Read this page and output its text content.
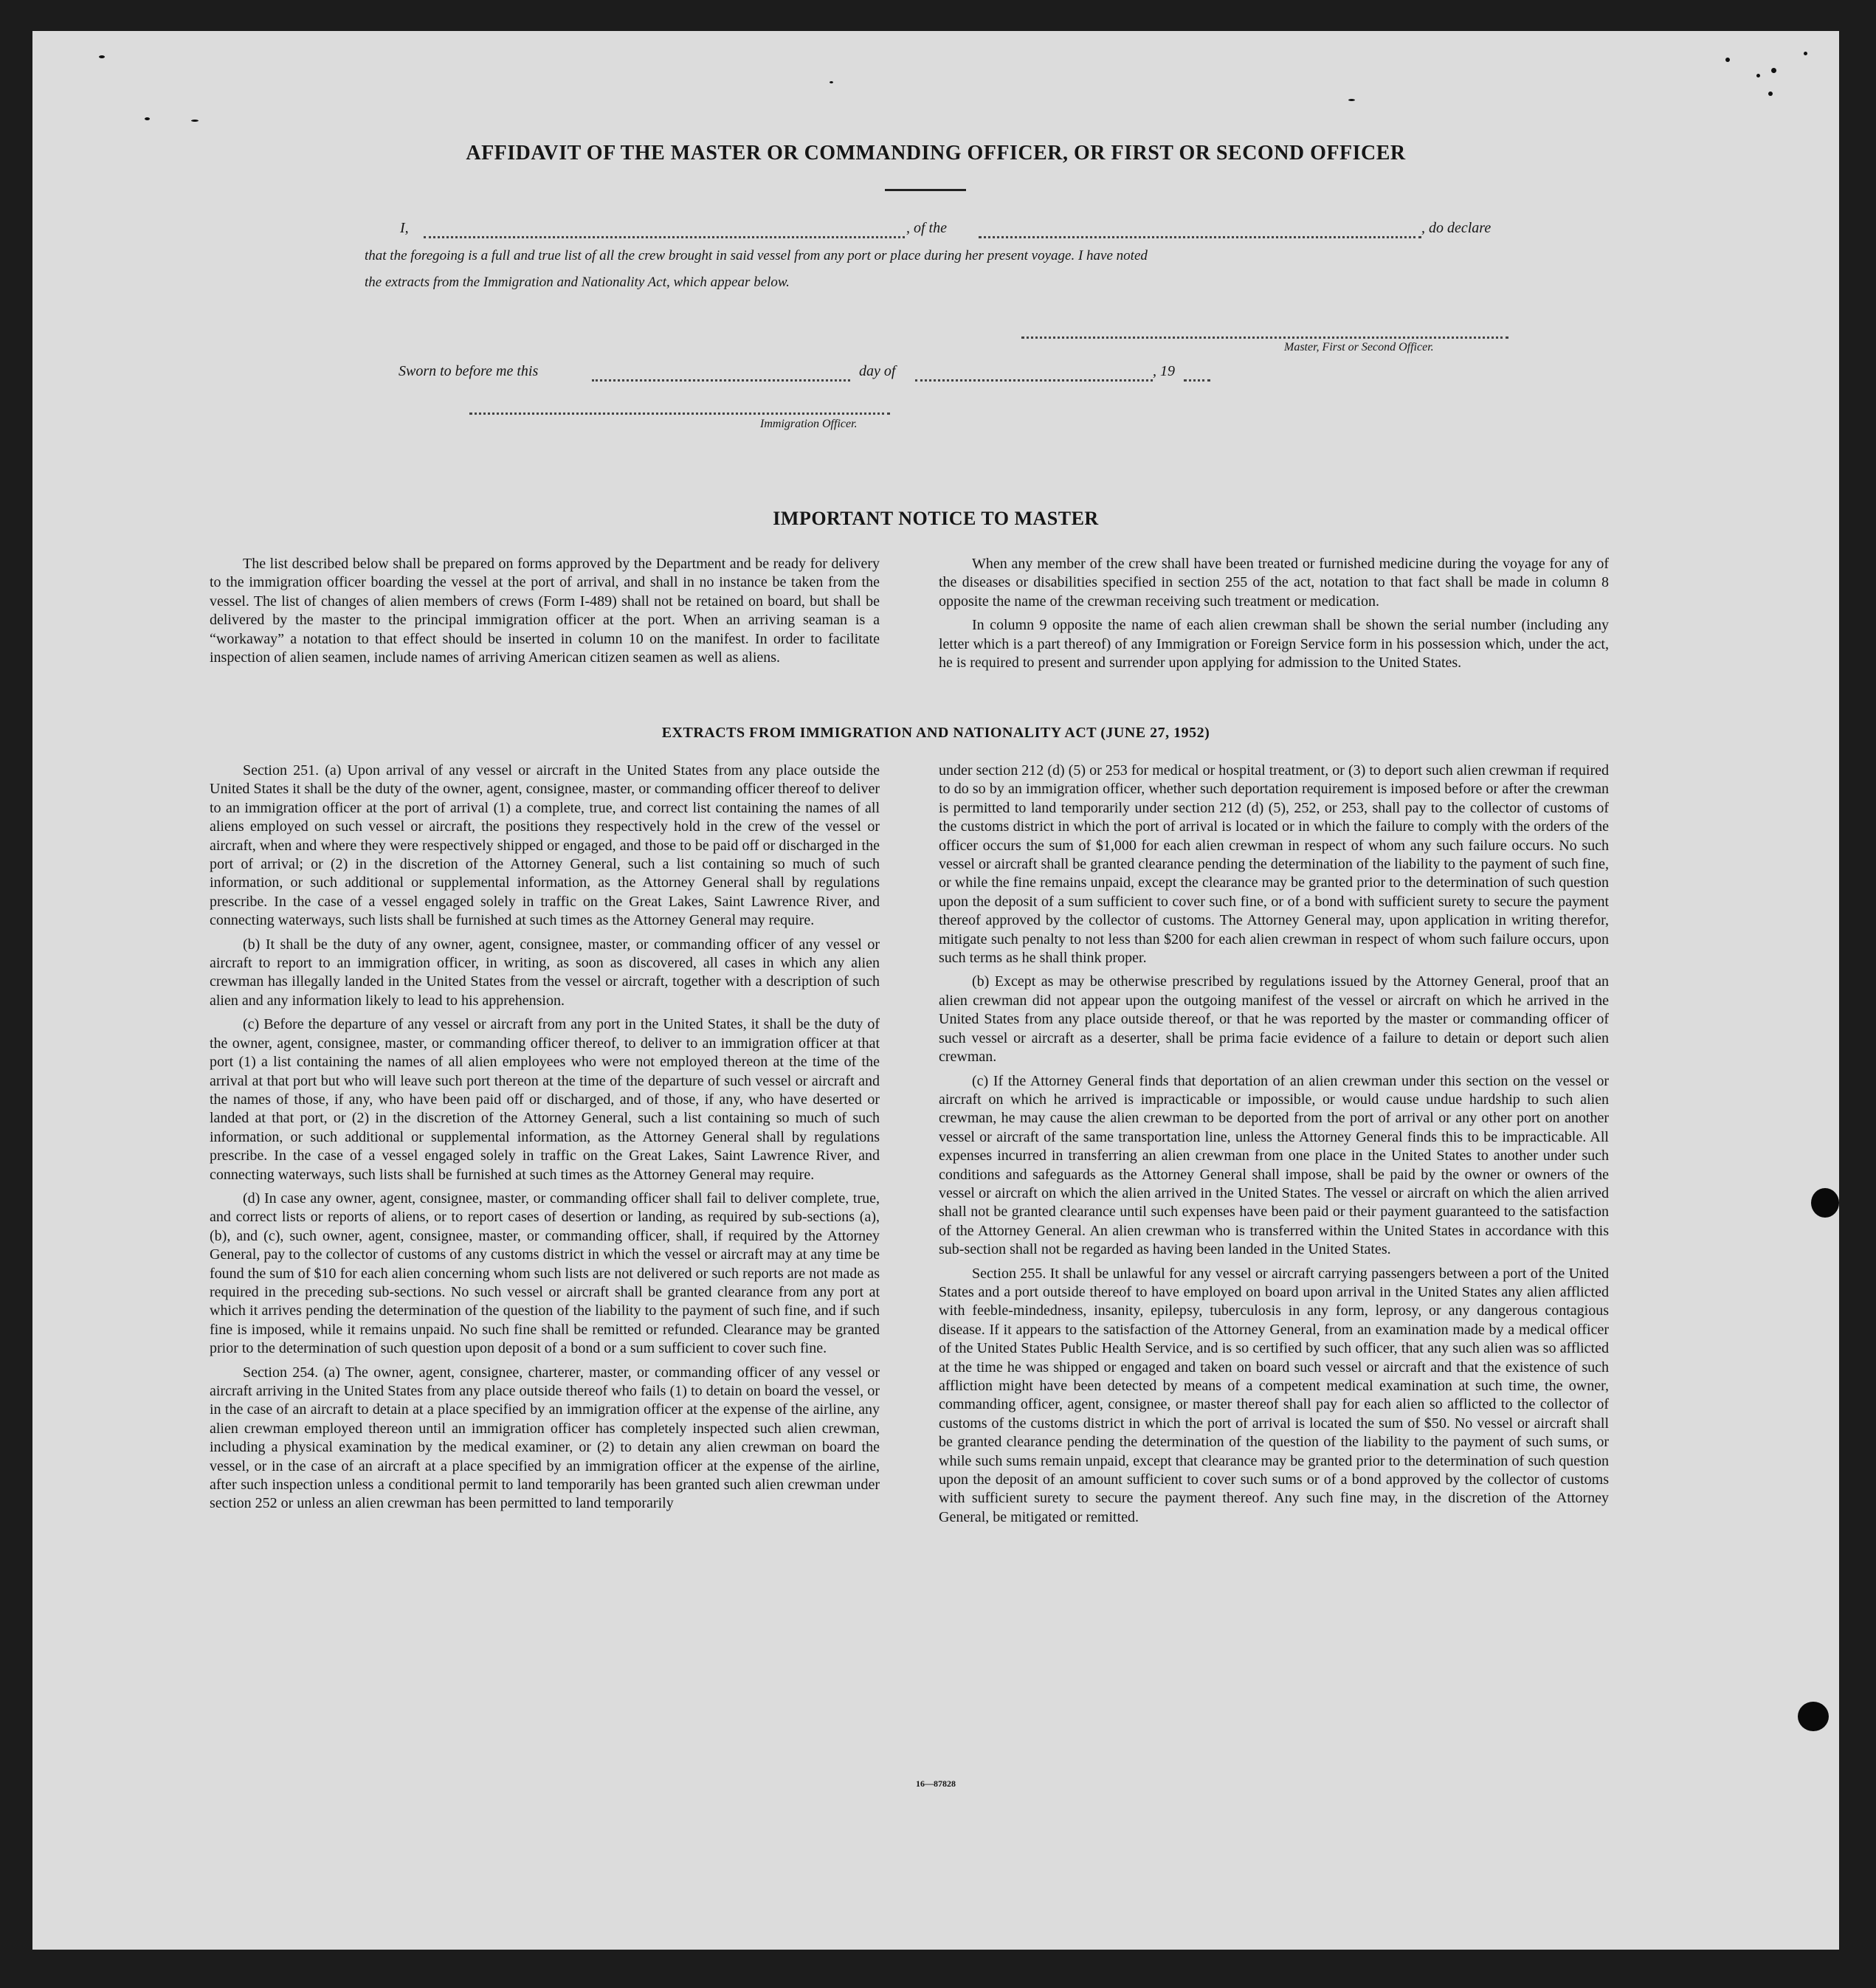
AFFIDAVIT OF THE MASTER OR COMMANDING OFFICER, OR FIRST OR SECOND OFFICER
I,	, of the	, do declare
that the foregoing is a full and true list of all the crew brought in said vessel from any port or place during her present voyage. I have noted
the extracts from the Immigration and Nationality Act, which appear below.
Master, First or Second Officer.
Sworn to before me this	day of	, 19
Immigration Officer.
IMPORTANT NOTICE TO MASTER

The list described below shall be prepared on forms approved by the Department and be ready for delivery to the immigration officer boarding the vessel at the port of arrival, and shall in no instance be taken from the vessel. The list of changes of alien members of crews (Form I-489) shall not be retained on board, but shall be delivered by the master to the principal immigration officer at the port. When an arriving seaman is a “workaway” a notation to that effect should be inserted in column 10 on the manifest. In order to facilitate inspection of alien seamen, include names of arriving American citizen seamen as well as aliens.

When any member of the crew shall have been treated or furnished medicine during the voyage for any of the diseases or disabilities specified in section 255 of the act, notation to that fact shall be made in column 8 opposite the name of the crewman receiving such treatment or medication.

In column 9 opposite the name of each alien crewman shall be shown the serial number (including any letter which is a part thereof) of any Immigration or Foreign Service form in his possession which, under the act, he is required to present and surrender upon applying for admission to the United States.

EXTRACTS FROM IMMIGRATION AND NATIONALITY ACT (JUNE 27, 1952)

Section 251. (a) Upon arrival of any vessel or aircraft in the United States from any place outside the United States it shall be the duty of the owner, agent, consignee, master, or commanding officer thereof to deliver to an immigration officer at the port of arrival (1) a complete, true, and correct list containing the names of all aliens employed on such vessel or aircraft, the positions they respectively hold in the crew of the vessel or aircraft, when and where they were respectively shipped or engaged, and those to be paid off or discharged in the port of arrival; or (2) in the discretion of the Attorney General, such a list containing so much of such information, or such additional or supplemental information, as the Attorney General shall by regulations prescribe. In the case of a vessel engaged solely in traffic on the Great Lakes, Saint Lawrence River, and connecting waterways, such lists shall be furnished at such times as the Attorney General may require.

(b) It shall be the duty of any owner, agent, consignee, master, or commanding officer of any vessel or aircraft to report to an immigration officer, in writing, as soon as discovered, all cases in which any alien crewman has illegally landed in the United States from the vessel or aircraft, together with a description of such alien and any information likely to lead to his apprehension.

(c) Before the departure of any vessel or aircraft from any port in the United States, it shall be the duty of the owner, agent, consignee, master, or commanding officer thereof, to deliver to an immigration officer at that port (1) a list containing the names of all alien employees who were not employed thereon at the time of the arrival at that port but who will leave such port thereon at the time of the departure of such vessel or aircraft and the names of those, if any, who have been paid off or discharged, and of those, if any, who have deserted or landed at that port, or (2) in the discretion of the Attorney General, such a list containing so much of such information, or such additional or supplemental information, as the Attorney General shall by regulations prescribe. In the case of a vessel engaged solely in traffic on the Great Lakes, Saint Lawrence River, and connecting waterways, such lists shall be furnished at such times as the Attorney General may require.

(d) In case any owner, agent, consignee, master, or commanding officer shall fail to deliver complete, true, and correct lists or reports of aliens, or to report cases of desertion or landing, as required by sub-sections (a), (b), and (c), such owner, agent, consignee, master, or commanding officer, shall, if required by the Attorney General, pay to the collector of customs of any customs district in which the vessel or aircraft may at any time be found the sum of $10 for each alien concerning whom such lists are not delivered or such reports are not made as required in the preceding sub-sections. No such vessel or aircraft shall be granted clearance from any port at which it arrives pending the determination of the question of the liability to the payment of such fine, and if such fine is imposed, while it remains unpaid. No such fine shall be remitted or refunded. Clearance may be granted prior to the determination of such question upon deposit of a bond or a sum sufficient to cover such fine.

Section 254. (a) The owner, agent, consignee, charterer, master, or commanding officer of any vessel or aircraft arriving in the United States from any place outside thereof who fails (1) to detain on board the vessel, or in the case of an aircraft to detain at a place specified by an immigration officer at the expense of the airline, any alien crewman employed thereon until an immigration officer has completely inspected such alien crewman, including a physical examination by the medical examiner, or (2) to detain any alien crewman on board the vessel, or in the case of an aircraft at a place specified by an immigration officer at the expense of the airline, after such inspection unless a conditional permit to land temporarily has been granted such alien crewman under section 252 or unless an alien crewman has been permitted to land temporarily

under section 212 (d) (5) or 253 for medical or hospital treatment, or (3) to deport such alien crewman if required to do so by an immigration officer, whether such deportation requirement is imposed before or after the crewman is permitted to land temporarily under section 212 (d) (5), 252, or 253, shall pay to the collector of customs of the customs district in which the port of arrival is located or in which the failure to comply with the orders of the officer occurs the sum of $1,000 for each alien crewman in respect of whom any such failure occurs. No such vessel or aircraft shall be granted clearance pending the determination of the liability to the payment of such fine, or while the fine remains unpaid, except the clearance may be granted prior to the determination of such question upon the deposit of a sum sufficient to cover such fine, or of a bond with sufficient surety to secure the payment thereof approved by the collector of customs. The Attorney General may, upon application in writing therefor, mitigate such penalty to not less than $200 for each alien crewman in respect of whom such failure occurs, upon such terms as he shall think proper.

(b) Except as may be otherwise prescribed by regulations issued by the Attorney General, proof that an alien crewman did not appear upon the outgoing manifest of the vessel or aircraft on which he arrived in the United States from any place outside thereof, or that he was reported by the master or commanding officer of such vessel or aircraft as a deserter, shall be prima facie evidence of a failure to detain or deport such alien crewman.

(c) If the Attorney General finds that deportation of an alien crewman under this section on the vessel or aircraft on which he arrived is impracticable or impossible, or would cause undue hardship to such alien crewman, he may cause the alien crewman to be deported from the port of arrival or any other port on another vessel or aircraft of the same transportation line, unless the Attorney General finds this to be impracticable. All expenses incurred in transferring an alien crewman from one place in the United States to another under such conditions and safeguards as the Attorney General shall impose, shall be paid by the owner or owners of the vessel or aircraft on which the alien arrived in the United States. The vessel or aircraft on which the alien arrived shall not be granted clearance until such expenses have been paid or their payment guaranteed to the satisfaction of the Attorney General. An alien crewman who is transferred within the United States in accordance with this sub-section shall not be regarded as having been landed in the United States.

Section 255. It shall be unlawful for any vessel or aircraft carrying passengers between a port of the United States and a port outside thereof to have employed on board upon arrival in the United States any alien afflicted with feeble-mindedness, insanity, epilepsy, tuberculosis in any form, leprosy, or any dangerous contagious disease. If it appears to the satisfaction of the Attorney General, from an examination made by a medical officer of the United States Public Health Service, and is so certified by such officer, that any such alien was so afflicted at the time he was shipped or engaged and taken on board such vessel or aircraft and that the existence of such affliction might have been detected by means of a competent medical examination at such time, the owner, commanding officer, agent, consignee, or master thereof shall pay for each alien so afflicted to the collector of customs of the customs district in which the port of arrival is located the sum of $50. No vessel or aircraft shall be granted clearance pending the determination of the question of the liability to the payment of such sums, or while such sums remain unpaid, except that clearance may be granted prior to the determination of such question upon the deposit of an amount sufficient to cover such sums or of a bond approved by the collector of customs with sufficient surety to secure the payment thereof. Any such fine may, in the discretion of the Attorney General, be mitigated or remitted.

16—87828
